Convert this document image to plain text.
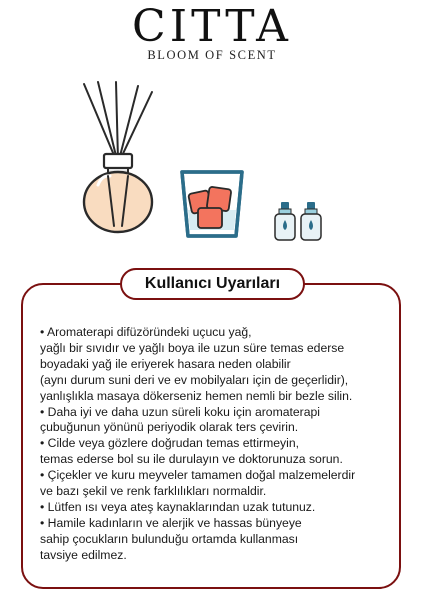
CITTA
BLOOM OF SCENT
Kullanıcı Uyarıları
• Aromaterapi difüzöründeki uçucu yağ,
yağlı bir sıvıdır ve yağlı boya ile uzun süre temas ederse
boyadaki yağ ile eriyerek hasara neden olabilir
(aynı durum suni deri ve ev mobilyaları için de geçerlidir),
yanlışlıkla masaya dökerseniz hemen nemli bir bezle silin.
• Daha iyi ve daha uzun süreli koku için aromaterapi
çubuğunun yönünü periyodik olarak ters çevirin.
• Cilde veya gözlere doğrudan temas ettirmeyin,
temas ederse bol su ile durulayın ve doktorunuza sorun.
• Çiçekler ve kuru meyveler tamamen doğal malzemelerdir
ve bazı şekil ve renk farklılıkları normaldir.
• Lütfen ısı veya ateş kaynaklarından uzak tutunuz.
• Hamile kadınların ve alerjik ve hassas bünyeye
sahip çocukların bulunduğu ortamda kullanması
tavsiye edilmez.
